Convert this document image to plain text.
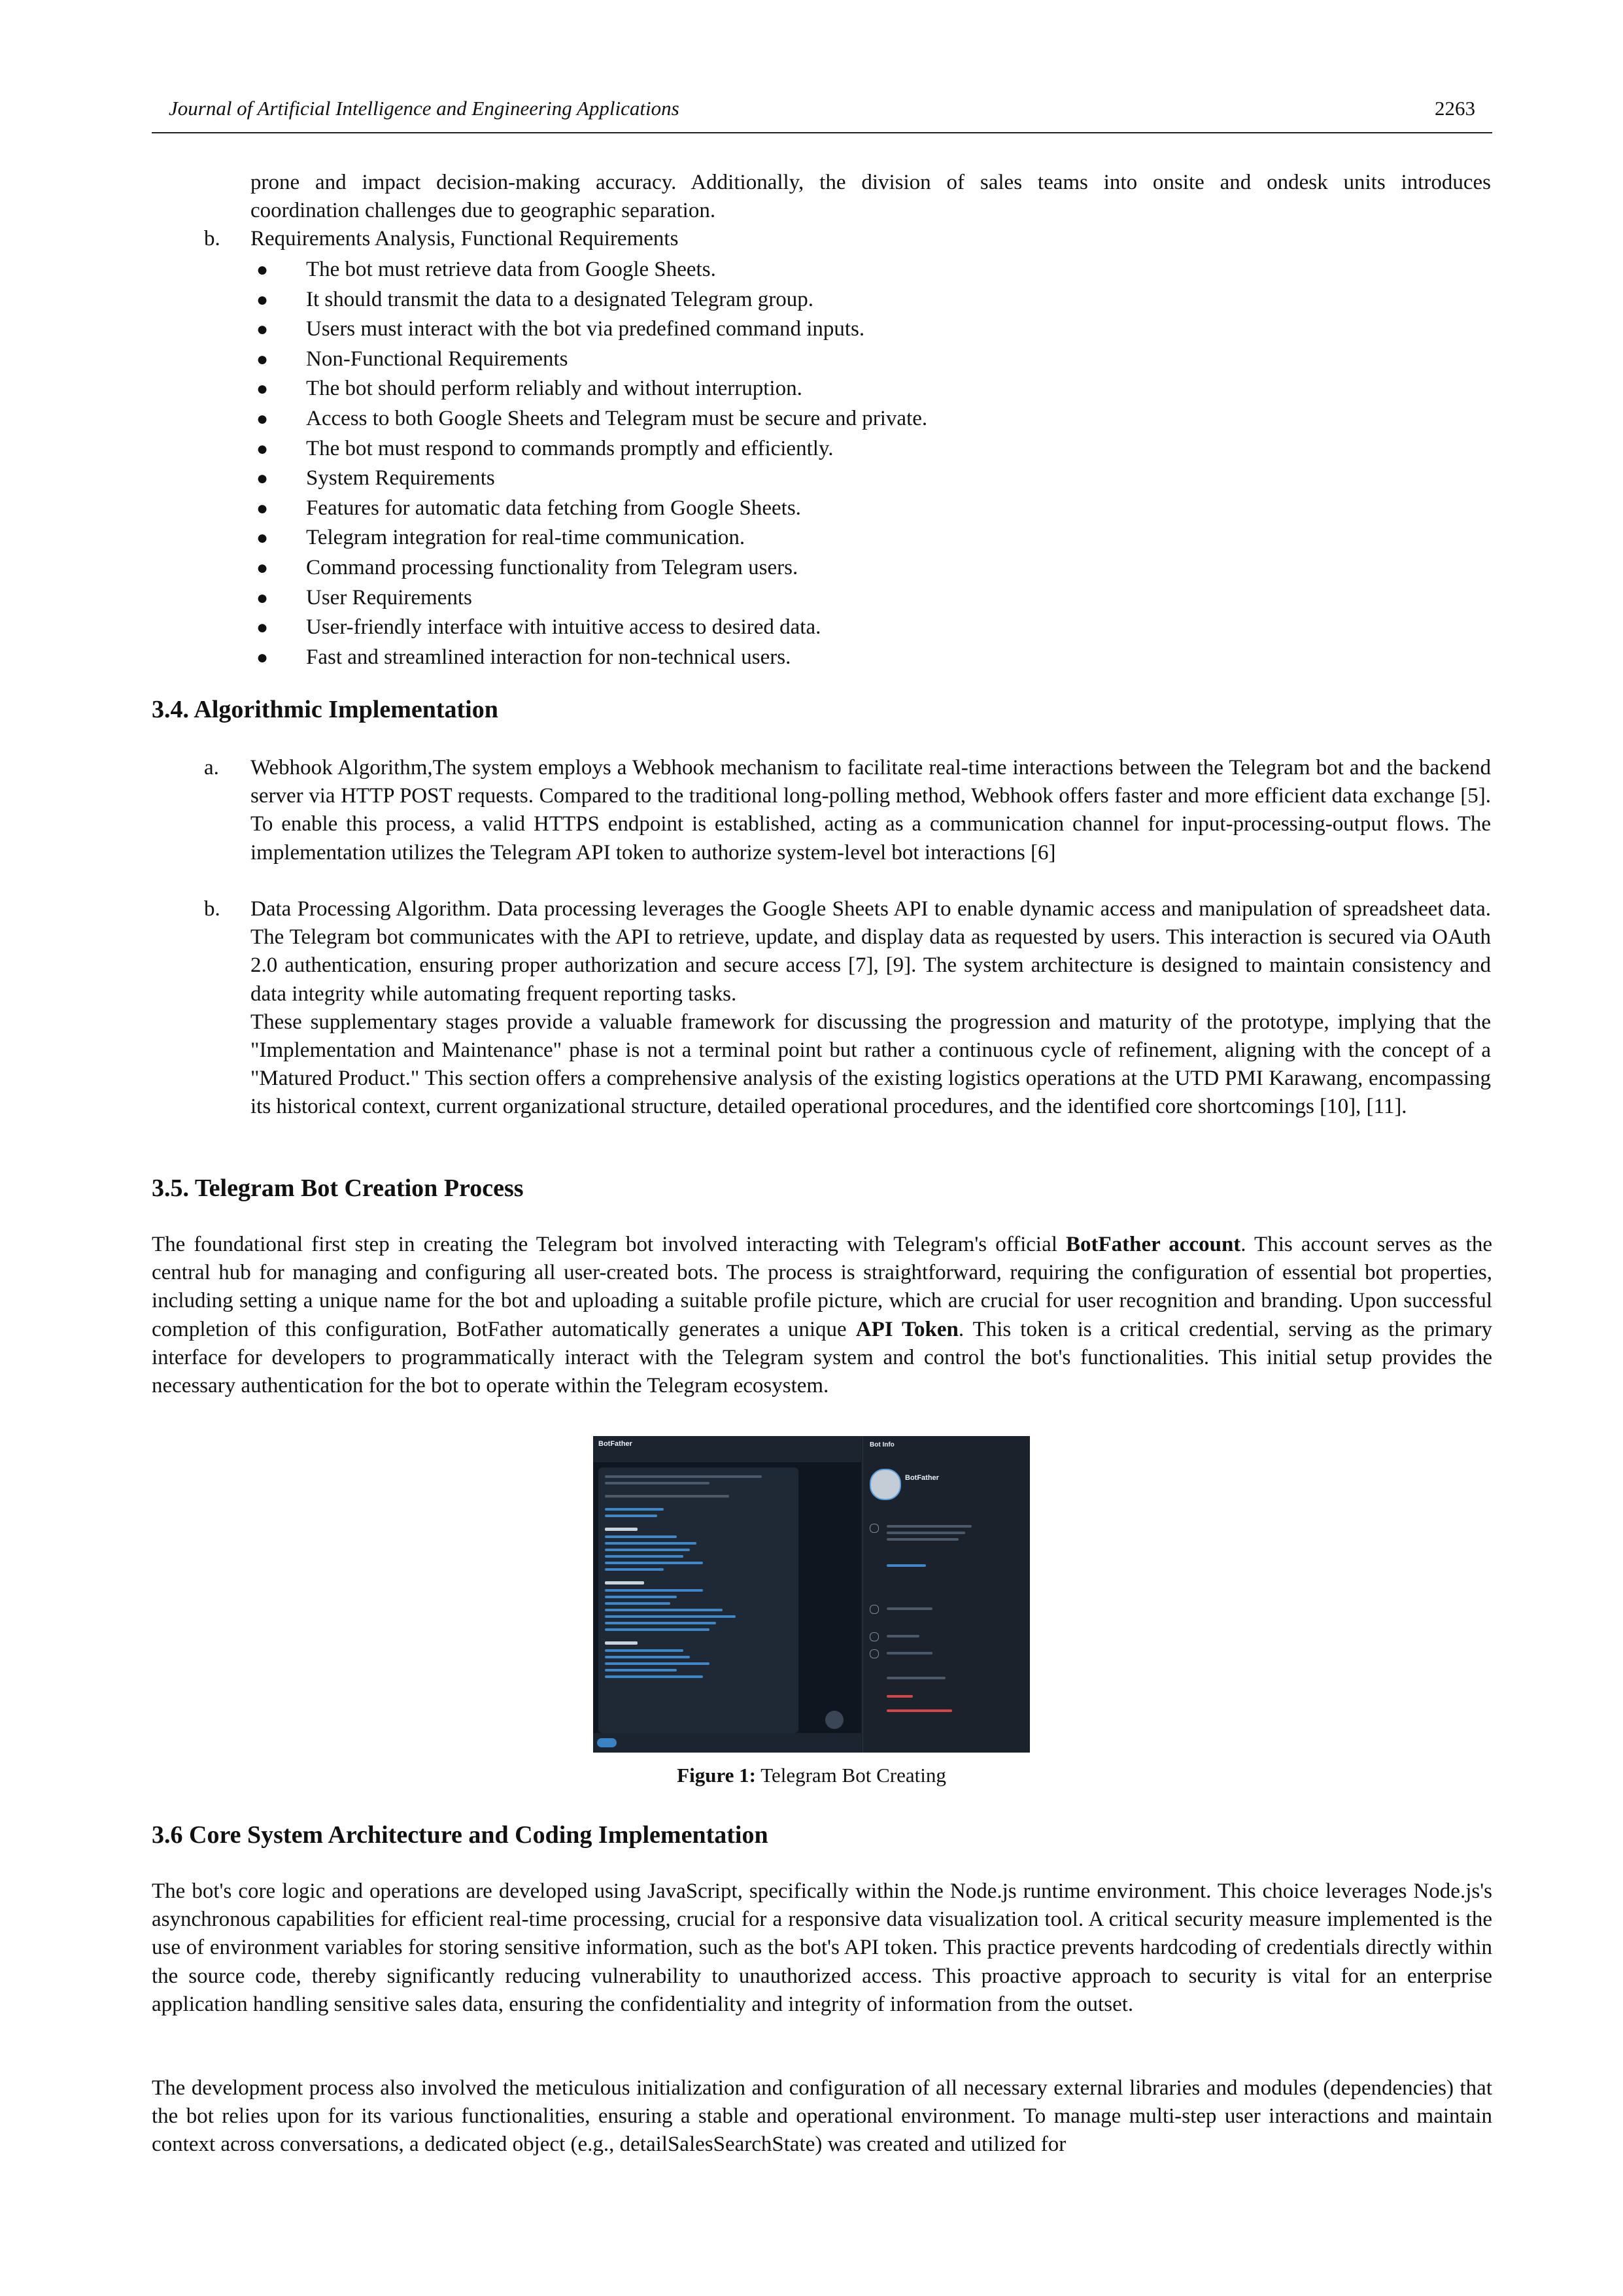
Journal of Artificial Intelligence and Engineering Applications	2263

prone and impact decision-making accuracy. Additionally, the division of sales teams into onsite and ondesk units introduces

coordination challenges due to geographic separation.

b. Requirements Analysis, Functional Requirements

● The bot must retrieve data from Google Sheets.
● It should transmit the data to a designated Telegram group.
● Users must interact with the bot via predefined command inputs.
● Non-Functional Requirements
● The bot should perform reliably and without interruption.
● Access to both Google Sheets and Telegram must be secure and private.
● The bot must respond to commands promptly and efficiently.
● System Requirements
● Features for automatic data fetching from Google Sheets.
● Telegram integration for real-time communication.
● Command processing functionality from Telegram users.
● User Requirements
● User-friendly interface with intuitive access to desired data.
● Fast and streamlined interaction for non-technical users.
3.4. Algorithmic Implementation
a. Webhook Algorithm,The system employs a Webhook mechanism to facilitate real-time interactions between the Telegram bot and the backend server via HTTP POST requests. Compared to the traditional long-polling method, Webhook offers faster and more efficient data exchange [5]. To enable this process, a valid HTTPS endpoint is established, acting as a communication channel for input-processing-output flows. The implementation utilizes the Telegram API token to authorize system-level bot interactions [6]

b. Data Processing Algorithm. Data processing leverages the Google Sheets API to enable dynamic access and manipulation of spreadsheet data. The Telegram bot communicates with the API to retrieve, update, and display data as requested by users. This interaction is secured via OAuth 2.0 authentication, ensuring proper authorization and secure access [7], [9]. The system architecture is designed to maintain consistency and data integrity while automating frequent reporting tasks.

These supplementary stages provide a valuable framework for discussing the progression and maturity of the prototype, implying that the "Implementation and Maintenance" phase is not a terminal point but rather a continuous cycle of refinement, aligning with the concept of a "Matured Product." This section offers a comprehensive analysis of the existing logistics operations at the UTD PMI Karawang, encompassing its historical context, current organizational structure, detailed operational procedures, and the identified core shortcomings [10], [11].

3.5. Telegram Bot Creation Process

The foundational first step in creating the Telegram bot involved interacting with Telegram's official BotFather account. This account serves as the central hub for managing and configuring all user-created bots. The process is straightforward, requiring the configuration of essential bot properties, including setting a unique name for the bot and uploading a suitable profile picture, which are crucial for user recognition and branding. Upon successful completion of this configuration, BotFather automatically generates a unique API Token. This token is a critical credential, serving as the primary interface for developers to programmatically interact with the Telegram system and control the bot's functionalities. This initial setup provides the necessary authentication for the bot to operate within the Telegram ecosystem.

BotFather	Bot Info
BotFather
Figure 1: Telegram Bot Creating
3.6 Core System Architecture and Coding Implementation

The bot's core logic and operations are developed using JavaScript, specifically within the Node.js runtime environment. This choice leverages Node.js's asynchronous capabilities for efficient real-time processing, crucial for a responsive data visualization tool. A critical security measure implemented is the use of environment variables for storing sensitive information, such as the bot's API token. This practice prevents hardcoding of credentials directly within the source code, thereby significantly reducing vulnerability to unauthorized access. This proactive approach to security is vital for an enterprise application handling sensitive sales data, ensuring the confidentiality and integrity of information from the outset.

The development process also involved the meticulous initialization and configuration of all necessary external libraries and modules (dependencies) that the bot relies upon for its various functionalities, ensuring a stable and operational environment. To manage multi-step user interactions and maintain context across conversations, a dedicated object (e.g., detailSalesSearchState) was created and utilized for
